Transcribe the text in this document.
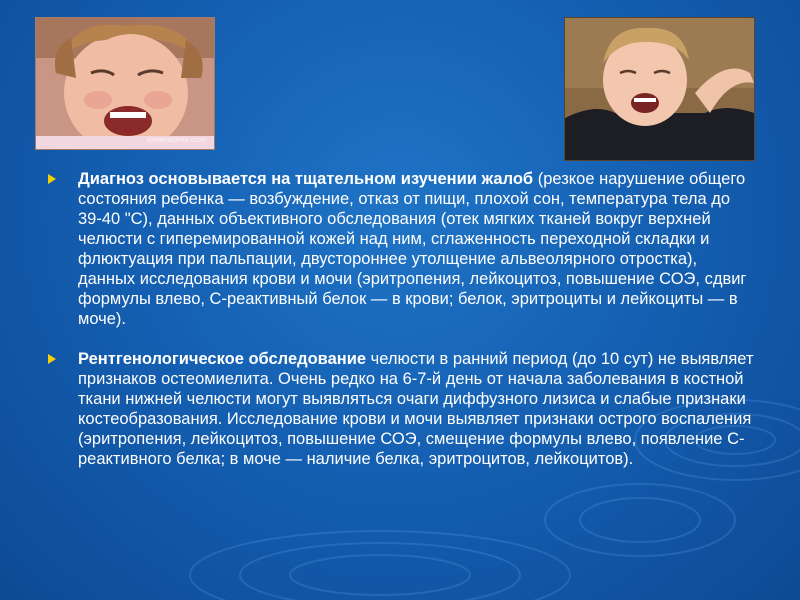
dreamstime.com
Диагноз основывается на тщательном изучении жалоб (резкое нарушение общего состояния ребенка — возбуждение, отказ от пищи, плохой сон, температура тела до 39-40 "С), данных объективного обследования (отек мягких тканей вокруг верхней челюсти с гиперемированной кожей над ним, сглаженность переходной складки и флюктуация при пальпации, двустороннее утолщение альвеолярного отростка), данных исследования крови и мочи (эритропения, лейкоцитоз, повышение СОЭ, сдвиг формулы влево, С-реактивный белок — в крови; белок, эритроциты и лейкоциты — в моче).
Рентгенологическое обследование челюсти в ранний период (до 10 сут) не выявляет признаков остеомиелита. Очень редко на 6-7-й день от начала заболевания в костной ткани нижней челюсти могут выявляться очаги диффузного лизиса и слабые признаки костеобразования. Исследование крови и мочи выявляет признаки острого воспаления (эритропения, лейкоцитоз, повышение СОЭ, смещение формулы влево, появление С-реактивного белка; в моче — наличие белка, эритроцитов, лейкоцитов).
